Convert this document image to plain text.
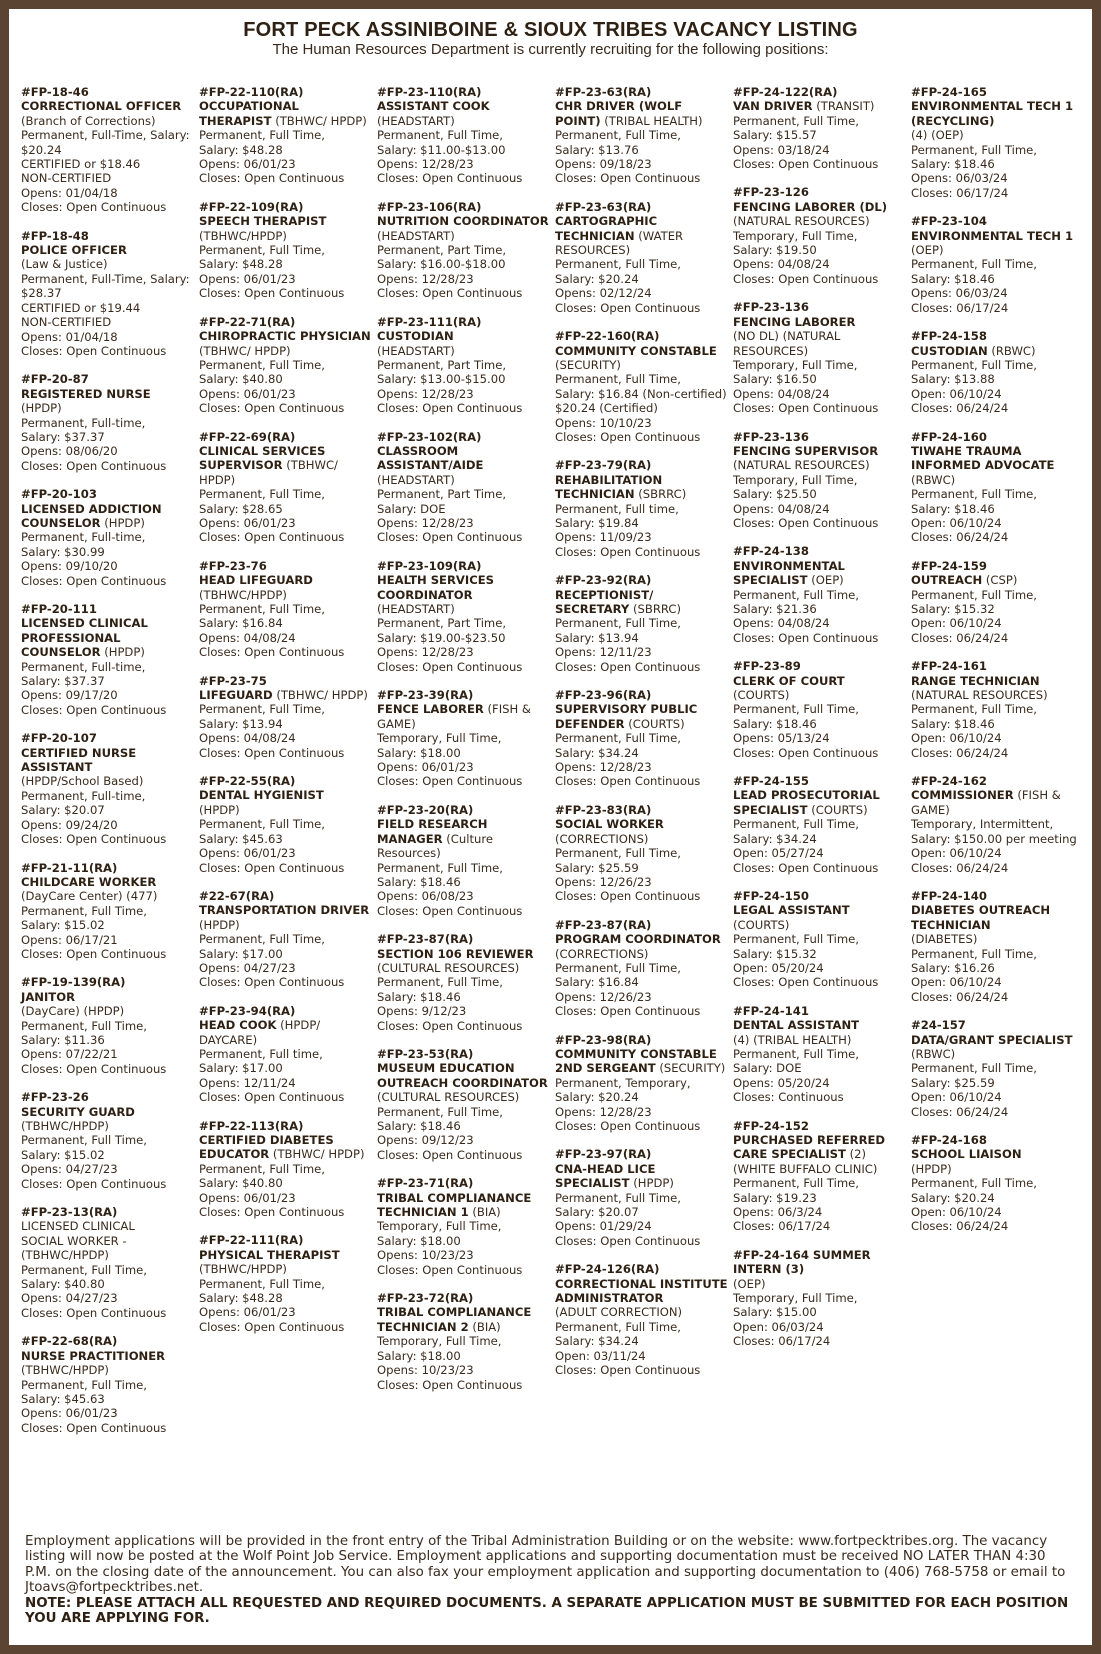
FORT PECK ASSINIBOINE & SIOUX TRIBES VACANCY LISTING
The Human Resources Department is currently recruiting for the following positions:
#FP-18-46
CORRECTIONAL OFFICER
(Branch of Corrections)
Permanent, Full-Time, Salary: $20.24
CERTIFIED or $18.46
NON-CERTIFIED
Opens: 01/04/18
Closes: Open Continuous
#FP-18-48
POLICE OFFICER
(Law & Justice)
Permanent, Full-Time, Salary: $28.37
CERTIFIED or $19.44
NON-CERTIFIED
Opens: 01/04/18
Closes: Open Continuous
#FP-20-87
REGISTERED NURSE
(HPDP)
Permanent, Full-time,
Salary: $37.37
Opens: 08/06/20
Closes: Open Continuous
#FP-20-103
LICENSED ADDICTION COUNSELOR (HPDP)
Permanent, Full-time,
Salary: $30.99
Opens: 09/10/20
Closes: Open Continuous
#FP-20-111
LICENSED CLINICAL PROFESSIONAL COUNSELOR (HPDP)
Permanent, Full-time,
Salary: $37.37
Opens: 09/17/20
Closes: Open Continuous
#FP-20-107
CERTIFIED NURSE ASSISTANT
(HPDP/School Based)
Permanent, Full-time,
Salary: $20.07
Opens: 09/24/20
Closes: Open Continuous
#FP-21-11(RA)
CHILDCARE WORKER
(DayCare Center) (477)
Permanent, Full Time,
Salary: $15.02
Opens: 06/17/21
Closes: Open Continuous
#FP-19-139(RA)
JANITOR
(DayCare) (HPDP)
Permanent, Full Time,
Salary: $11.36
Opens: 07/22/21
Closes: Open Continuous
#FP-23-26
SECURITY GUARD
(TBHWC/HPDP)
Permanent, Full Time,
Salary: $15.02
Opens: 04/27/23
Closes: Open Continuous
#FP-23-13(RA)
LICENSED CLINICAL
SOCIAL WORKER -
(TBHWC/HPDP)
Permanent, Full Time,
Salary: $40.80
Opens: 04/27/23
Closes: Open Continuous
#FP-22-68(RA)
NURSE PRACTITIONER
(TBHWC/HPDP)
Permanent, Full Time,
Salary: $45.63
Opens: 06/01/23
Closes: Open Continuous
#FP-22-110(RA)
OCCUPATIONAL THERAPIST (TBHWC/ HPDP)
Permanent, Full Time,
Salary: $48.28
Opens: 06/01/23
Closes: Open Continuous
#FP-22-109(RA)
SPEECH THERAPIST
(TBHWC/HPDP)
Permanent, Full Time,
Salary: $48.28
Opens: 06/01/23
Closes: Open Continuous
#FP-22-71(RA)
CHIROPRACTIC PHYSICIAN (TBHWC/ HPDP)
Permanent, Full Time,
Salary: $40.80
Opens: 06/01/23
Closes: Open Continuous
#FP-22-69(RA)
CLINICAL SERVICES SUPERVISOR (TBHWC/ HPDP)
Permanent, Full Time,
Salary: $28.65
Opens: 06/01/23
Closes: Open Continuous
#FP-23-76
HEAD LIFEGUARD
(TBHWC/HPDP)
Permanent, Full Time,
Salary: $16.84
Opens: 04/08/24
Closes: Open Continuous
#FP-23-75
LIFEGUARD (TBHWC/ HPDP)
Permanent, Full Time,
Salary: $13.94
Opens: 04/08/24
Closes: Open Continuous
#FP-22-55(RA)
DENTAL HYGIENIST
(HPDP)
Permanent, Full Time,
Salary: $45.63
Opens: 06/01/23
Closes: Open Continuous
#22-67(RA)
TRANSPORTATION DRIVER (HPDP)
Permanent, Full Time,
Salary: $17.00
Opens: 04/27/23
Closes: Open Continuous
#FP-23-94(RA)
HEAD COOK (HPDP/ DAYCARE)
Permanent, Full time,
Salary: $17.00
Opens: 12/11/24
Closes: Open Continuous
#FP-22-113(RA)
CERTIFIED DIABETES EDUCATOR (TBHWC/ HPDP)
Permanent, Full Time,
Salary: $40.80
Opens: 06/01/23
Closes: Open Continuous
#FP-22-111(RA)
PHYSICAL THERAPIST
(TBHWC/HPDP)
Permanent, Full Time,
Salary: $48.28
Opens: 06/01/23
Closes: Open Continuous
#FP-23-110(RA)
ASSISTANT COOK
(HEADSTART)
Permanent, Full Time,
Salary: $11.00-$13.00
Opens: 12/28/23
Closes: Open Continuous
#FP-23-106(RA)
NUTRITION COORDINATOR
(HEADSTART)
Permanent, Part Time,
Salary: $16.00-$18.00
Opens: 12/28/23
Closes: Open Continuous
#FP-23-111(RA)
CUSTODIAN
(HEADSTART)
Permanent, Part Time,
Salary: $13.00-$15.00
Opens: 12/28/23
Closes: Open Continuous
#FP-23-102(RA)
CLASSROOM ASSISTANT/AIDE
(HEADSTART)
Permanent, Part Time,
Salary: DOE
Opens: 12/28/23
Closes: Open Continuous
#FP-23-109(RA)
HEALTH SERVICES COORDINATOR
(HEADSTART)
Permanent, Part Time,
Salary: $19.00-$23.50
Opens: 12/28/23
Closes: Open Continuous
#FP-23-39(RA)
FENCE LABORER (FISH & GAME)
Temporary, Full Time,
Salary: $18.00
Opens: 06/01/23
Closes: Open Continuous
#FP-23-20(RA)
FIELD RESEARCH MANAGER (Culture Resources)
Permanent, Full Time,
Salary: $18.46
Opens: 06/08/23
Closes: Open Continuous
#FP-23-87(RA)
SECTION 106 REVIEWER (CULTURAL RESOURCES)
Permanent, Full Time,
Salary: $18.46
Opens: 9/12/23
Closes: Open Continuous
#FP-23-53(RA)
MUSEUM EDUCATION OUTREACH COORDINATOR
(CULTURAL RESOURCES)
Permanent, Full Time,
Salary: $18.46
Opens: 09/12/23
Closes: Open Continuous
#FP-23-71(RA)
TRIBAL COMPLIANANCE TECHNICIAN 1 (BIA)
Temporary, Full Time,
Salary: $18.00
Opens: 10/23/23
Closes: Open Continuous
#FP-23-72(RA)
TRIBAL COMPLIANANCE TECHNICIAN 2 (BIA)
Temporary, Full Time,
Salary: $18.00
Opens: 10/23/23
Closes: Open Continuous
#FP-23-63(RA)
CHR DRIVER (WOLF POINT) (TRIBAL HEALTH)
Permanent, Full Time,
Salary: $13.76
Opens: 09/18/23
Closes: Open Continuous
#FP-23-63(RA)
CARTOGRAPHIC TECHNICIAN (WATER RESOURCES)
Permanent, Full Time,
Salary: $20.24
Opens: 02/12/24
Closes: Open Continuous
#FP-22-160(RA)
COMMUNITY CONSTABLE
(SECURITY)
Permanent, Full Time,
Salary: $16.84 (Non-certified)
$20.24 (Certified)
Opens: 10/10/23
Closes: Open Continuous
#FP-23-79(RA)
REHABILITATION TECHNICIAN (SBRRC)
Permanent, Full time,
Salary: $19.84
Opens: 11/09/23
Closes: Open Continuous
#FP-23-92(RA)
RECEPTIONIST/ SECRETARY (SBRRC)
Permanent, Full Time,
Salary: $13.94
Opens: 12/11/23
Closes: Open Continuous
#FP-23-96(RA)
SUPERVISORY PUBLIC DEFENDER (COURTS)
Permanent, Full Time,
Salary: $34.24
Opens: 12/28/23
Closes: Open Continuous
#FP-23-83(RA)
SOCIAL WORKER
(CORRECTIONS)
Permanent, Full Time,
Salary: $25.59
Opens: 12/26/23
Closes: Open Continuous
#FP-23-87(RA)
PROGRAM COORDINATOR
(CORRECTIONS)
Permanent, Full Time,
Salary: $16.84
Opens: 12/26/23
Closes: Open Continuous
#FP-23-98(RA)
COMMUNITY CONSTABLE 2ND SERGEANT (SECURITY)
Permanent, Temporary,
Salary: $20.24
Opens: 12/28/23
Closes: Open Continuous
#FP-23-97(RA)
CNA-HEAD LICE SPECIALIST (HPDP)
Permanent, Full Time,
Salary: $20.07
Opens: 01/29/24
Closes: Open Continuous
#FP-24-126(RA)
CORRECTIONAL INSTITUTE ADMINISTRATOR
(ADULT CORRECTION)
Permanent, Full Time,
Salary: $34.24
Open: 03/11/24
Closes: Open Continuous
#FP-24-122(RA)
VAN DRIVER (TRANSIT)
Permanent, Full Time,
Salary: $15.57
Opens: 03/18/24
Closes: Open Continuous
#FP-23-126
FENCING LABORER (DL) (NATURAL RESOURCES)
Temporary, Full Time,
Salary: $19.50
Opens: 04/08/24
Closes: Open Continuous
#FP-23-136
FENCING LABORER
(NO DL) (NATURAL RESOURCES)
Temporary, Full Time,
Salary: $16.50
Opens: 04/08/24
Closes: Open Continuous
#FP-23-136
FENCING SUPERVISOR
(NATURAL RESOURCES)
Temporary, Full Time,
Salary: $25.50
Opens: 04/08/24
Closes: Open Continuous
#FP-24-138
ENVIRONMENTAL SPECIALIST (OEP)
Permanent, Full Time,
Salary: $21.36
Opens: 04/08/24
Closes: Open Continuous
#FP-23-89
CLERK OF COURT
(COURTS)
Permanent, Full Time,
Salary: $18.46
Opens: 05/13/24
Closes: Open Continuous
#FP-24-155
LEAD PROSECUTORIAL SPECIALIST (COURTS)
Permanent, Full Time,
Salary: $34.24
Open: 05/27/24
Closes: Open Continuous
#FP-24-150
LEGAL ASSISTANT
(COURTS)
Permanent, Full Time,
Salary: $15.32
Open: 05/20/24
Closes: Open Continuous
#FP-24-141
DENTAL ASSISTANT
(4) (TRIBAL HEALTH)
Permanent, Full Time,
Salary: DOE
Opens: 05/20/24
Closes: Continuous
#FP-24-152
PURCHASED REFERRED CARE SPECIALIST (2)
(WHITE BUFFALO CLINIC)
Permanent, Full Time,
Salary: $19.23
Opens: 06/3/24
Closes: 06/17/24
#FP-24-164 SUMMER INTERN (3)
(OEP)
Temporary, Full Time,
Salary: $15.00
Open: 06/03/24
Closes: 06/17/24
#FP-24-165
ENVIRONMENTAL TECH 1 (RECYCLING)
(4) (OEP)
Permanent, Full Time,
Salary: $18.46
Opens: 06/03/24
Closes: 06/17/24
#FP-23-104
ENVIRONMENTAL TECH 1 (OEP)
Permanent, Full Time,
Salary: $18.46
Opens: 06/03/24
Closes: 06/17/24
#FP-24-158
CUSTODIAN (RBWC)
Permanent, Full Time,
Salary: $13.88
Open: 06/10/24
Closes: 06/24/24
#FP-24-160
TIWAHE TRAUMA INFORMED ADVOCATE (RBWC)
Permanent, Full Time,
Salary: $18.46
Open: 06/10/24
Closes: 06/24/24
#FP-24-159
OUTREACH (CSP)
Permanent, Full Time,
Salary: $15.32
Open: 06/10/24
Closes: 06/24/24
#FP-24-161
RANGE TECHNICIAN
(NATURAL RESOURCES)
Permanent, Full Time,
Salary: $18.46
Open: 06/10/24
Closes: 06/24/24
#FP-24-162
COMMISSIONER (FISH & GAME)
Temporary, Intermittent,
Salary: $150.00 per meeting
Open: 06/10/24
Closes: 06/24/24
#FP-24-140
DIABETES OUTREACH TECHNICIAN
(DIABETES)
Permanent, Full Time,
Salary: $16.26
Open: 06/10/24
Closes: 06/24/24
#24-157
DATA/GRANT SPECIALIST (RBWC)
Permanent, Full Time,
Salary: $25.59
Open: 06/10/24
Closes: 06/24/24
#FP-24-168
SCHOOL LIAISON
(HPDP)
Permanent, Full Time,
Salary: $20.24
Open: 06/10/24
Closes: 06/24/24
Employment applications will be provided in the front entry of the Tribal Administration Building or on the website: www.fortpecktribes.org. The vacancy listing will now be posted at the Wolf Point Job Service. Employment applications and supporting documentation must be received NO LATER THAN 4:30 P.M. on the closing date of the announcement. You can also fax your employment application and supporting documentation to (406) 768-5758 or email to Jtoavs@fortpecktribes.net.
NOTE: PLEASE ATTACH ALL REQUESTED AND REQUIRED DOCUMENTS. A SEPARATE APPLICATION MUST BE SUBMITTED FOR EACH POSITION YOU ARE APPLYING FOR.
